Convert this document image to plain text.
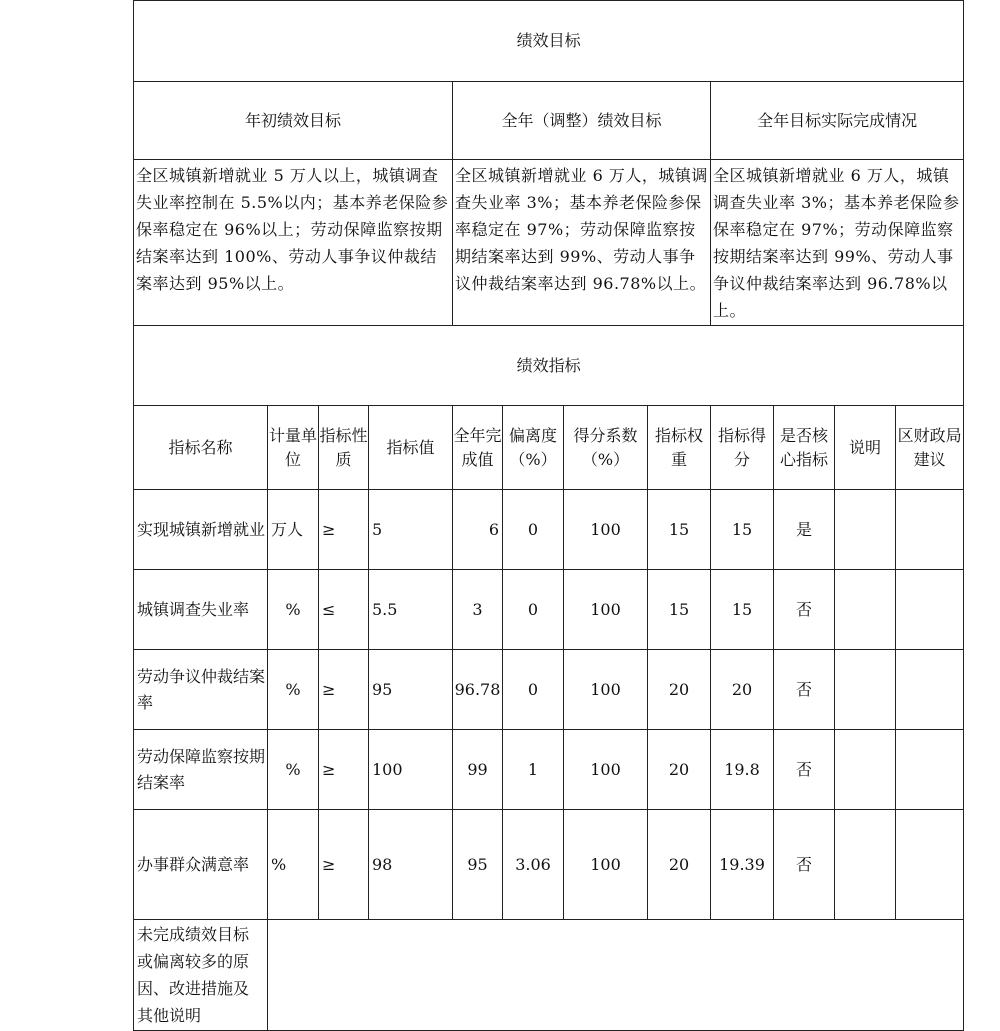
绩效目标											
年初绩效目标				全年（调整）绩效目标				全年目标实际完成情况			
全区城镇新增就业 5 万人以上，城镇调查失业率控制在 5.5%以内；基本养老保险参保率稳定在 96%以上；劳动保障监察按期结案率达到 100%、劳动人事争议仲裁结案率达到 95%以上。				全区城镇新增就业 6 万人，城镇调查失业率 3%；基本养老保险参保率稳定在 97%；劳动保障监察按期结案率达到 99%、劳动人事争议仲裁结案率达到 96.78%以上。				全区城镇新增就业 6 万人，城镇调查失业率 3%；基本养老保险参保率稳定在 97%；劳动保障监察按期结案率达到 99%、劳动人事争议仲裁结案率达到 96.78%以上。			
绩效指标											
指标名称	计量单位	指标性质	指标值	全年完成值	偏离度（%）	得分系数（%）	指标权重	指标得分	是否核心指标	说明	区财政局建议
实现城镇新增就业	万人	≥	5	6	0	100	15	15	是		
城镇调查失业率	%	≤	5.5	3	0	100	15	15	否		
劳动争议仲裁结案率	%	≥	95	96.78	0	100	20	20	否		
劳动保障监察按期结案率	%	≥	100	99	1	100	20	19.8	否		
办事群众满意率	%	≥	98	95	3.06	100	20	19.39	否		
未完成绩效目标或偏离较多的原因、改进措施及其他说明											
